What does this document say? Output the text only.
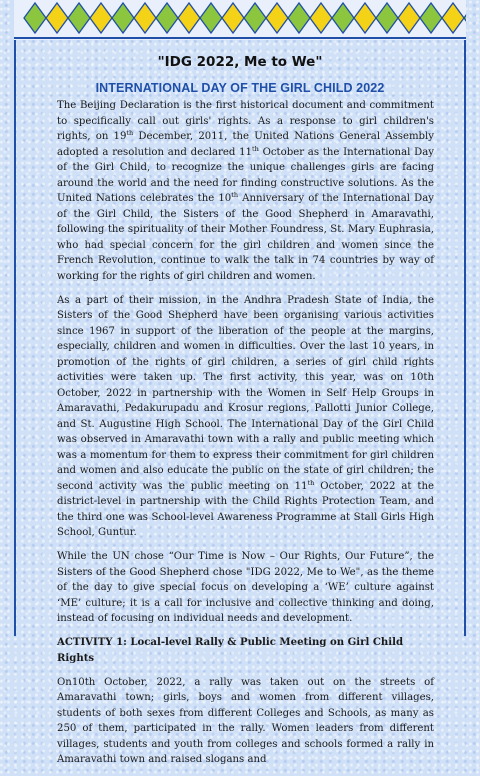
"IDG 2022, Me to We"
INTERNATIONAL DAY OF THE GIRL CHILD 2022

The Beijing Declaration is the first historical document and commitment to specifically call out girls' rights. As a response to girl children's rights, on 19th December, 2011, the United Nations General Assembly adopted a resolution and declared 11th October as the International Day of the Girl Child, to recognize the unique challenges girls are facing around the world and the need for finding constructive solutions. As the United Nations celebrates the 10th Anniversary of the International Day of the Girl Child, the Sisters of the Good Shepherd in Amaravathi, following the spirituality of their Mother Foundress, St. Mary Euphrasia, who had special concern for the girl children and women since the French Revolution, continue to walk the talk in 74 countries by way of working for the rights of girl children and women.

As a part of their mission, in the Andhra Pradesh State of India, the Sisters of the Good Shepherd have been organising various activities since 1967 in support of the liberation of the people at the margins, especially, children and women in difficulties. Over the last 10 years, in promotion of the rights of girl children, a series of girl child rights activities were taken up. The first activity, this year, was on 10th October, 2022 in partnership with the Women in Self Help Groups in Amaravathi, Pedakurupadu and Krosur regions, Pallotti Junior College, and St. Augustine High School. The International Day of the Girl Child was observed in Amaravathi town with a rally and public meeting which was a momentum for them to express their commitment for girl children and women and also educate the public on the state of girl children; the second activity was the public meeting on 11th October, 2022 at the district-level in partnership with the Child Rights Protection Team, and the third one was School-level Awareness Programme at Stall Girls High School, Guntur.

While the UN chose “Our Time is Now – Our Rights, Our Future”, the Sisters of the Good Shepherd chose "IDG 2022, Me to We", as the theme of the day to give special focus on developing a ‘WE’ culture against ‘ME’ culture; it is a call for inclusive and collective thinking and doing, instead of focusing on individual needs and development.

ACTIVITY 1: Local-level Rally & Public Meeting on Girl Child Rights

On10th October, 2022, a rally was taken out on the streets of Amaravathi town; girls, boys and women from different villages, students of both sexes from different Colleges and Schools, as many as 250 of them, participated in the rally. Women leaders from different villages, students and youth from colleges and schools formed a rally in Amaravathi town and raised slogans and
